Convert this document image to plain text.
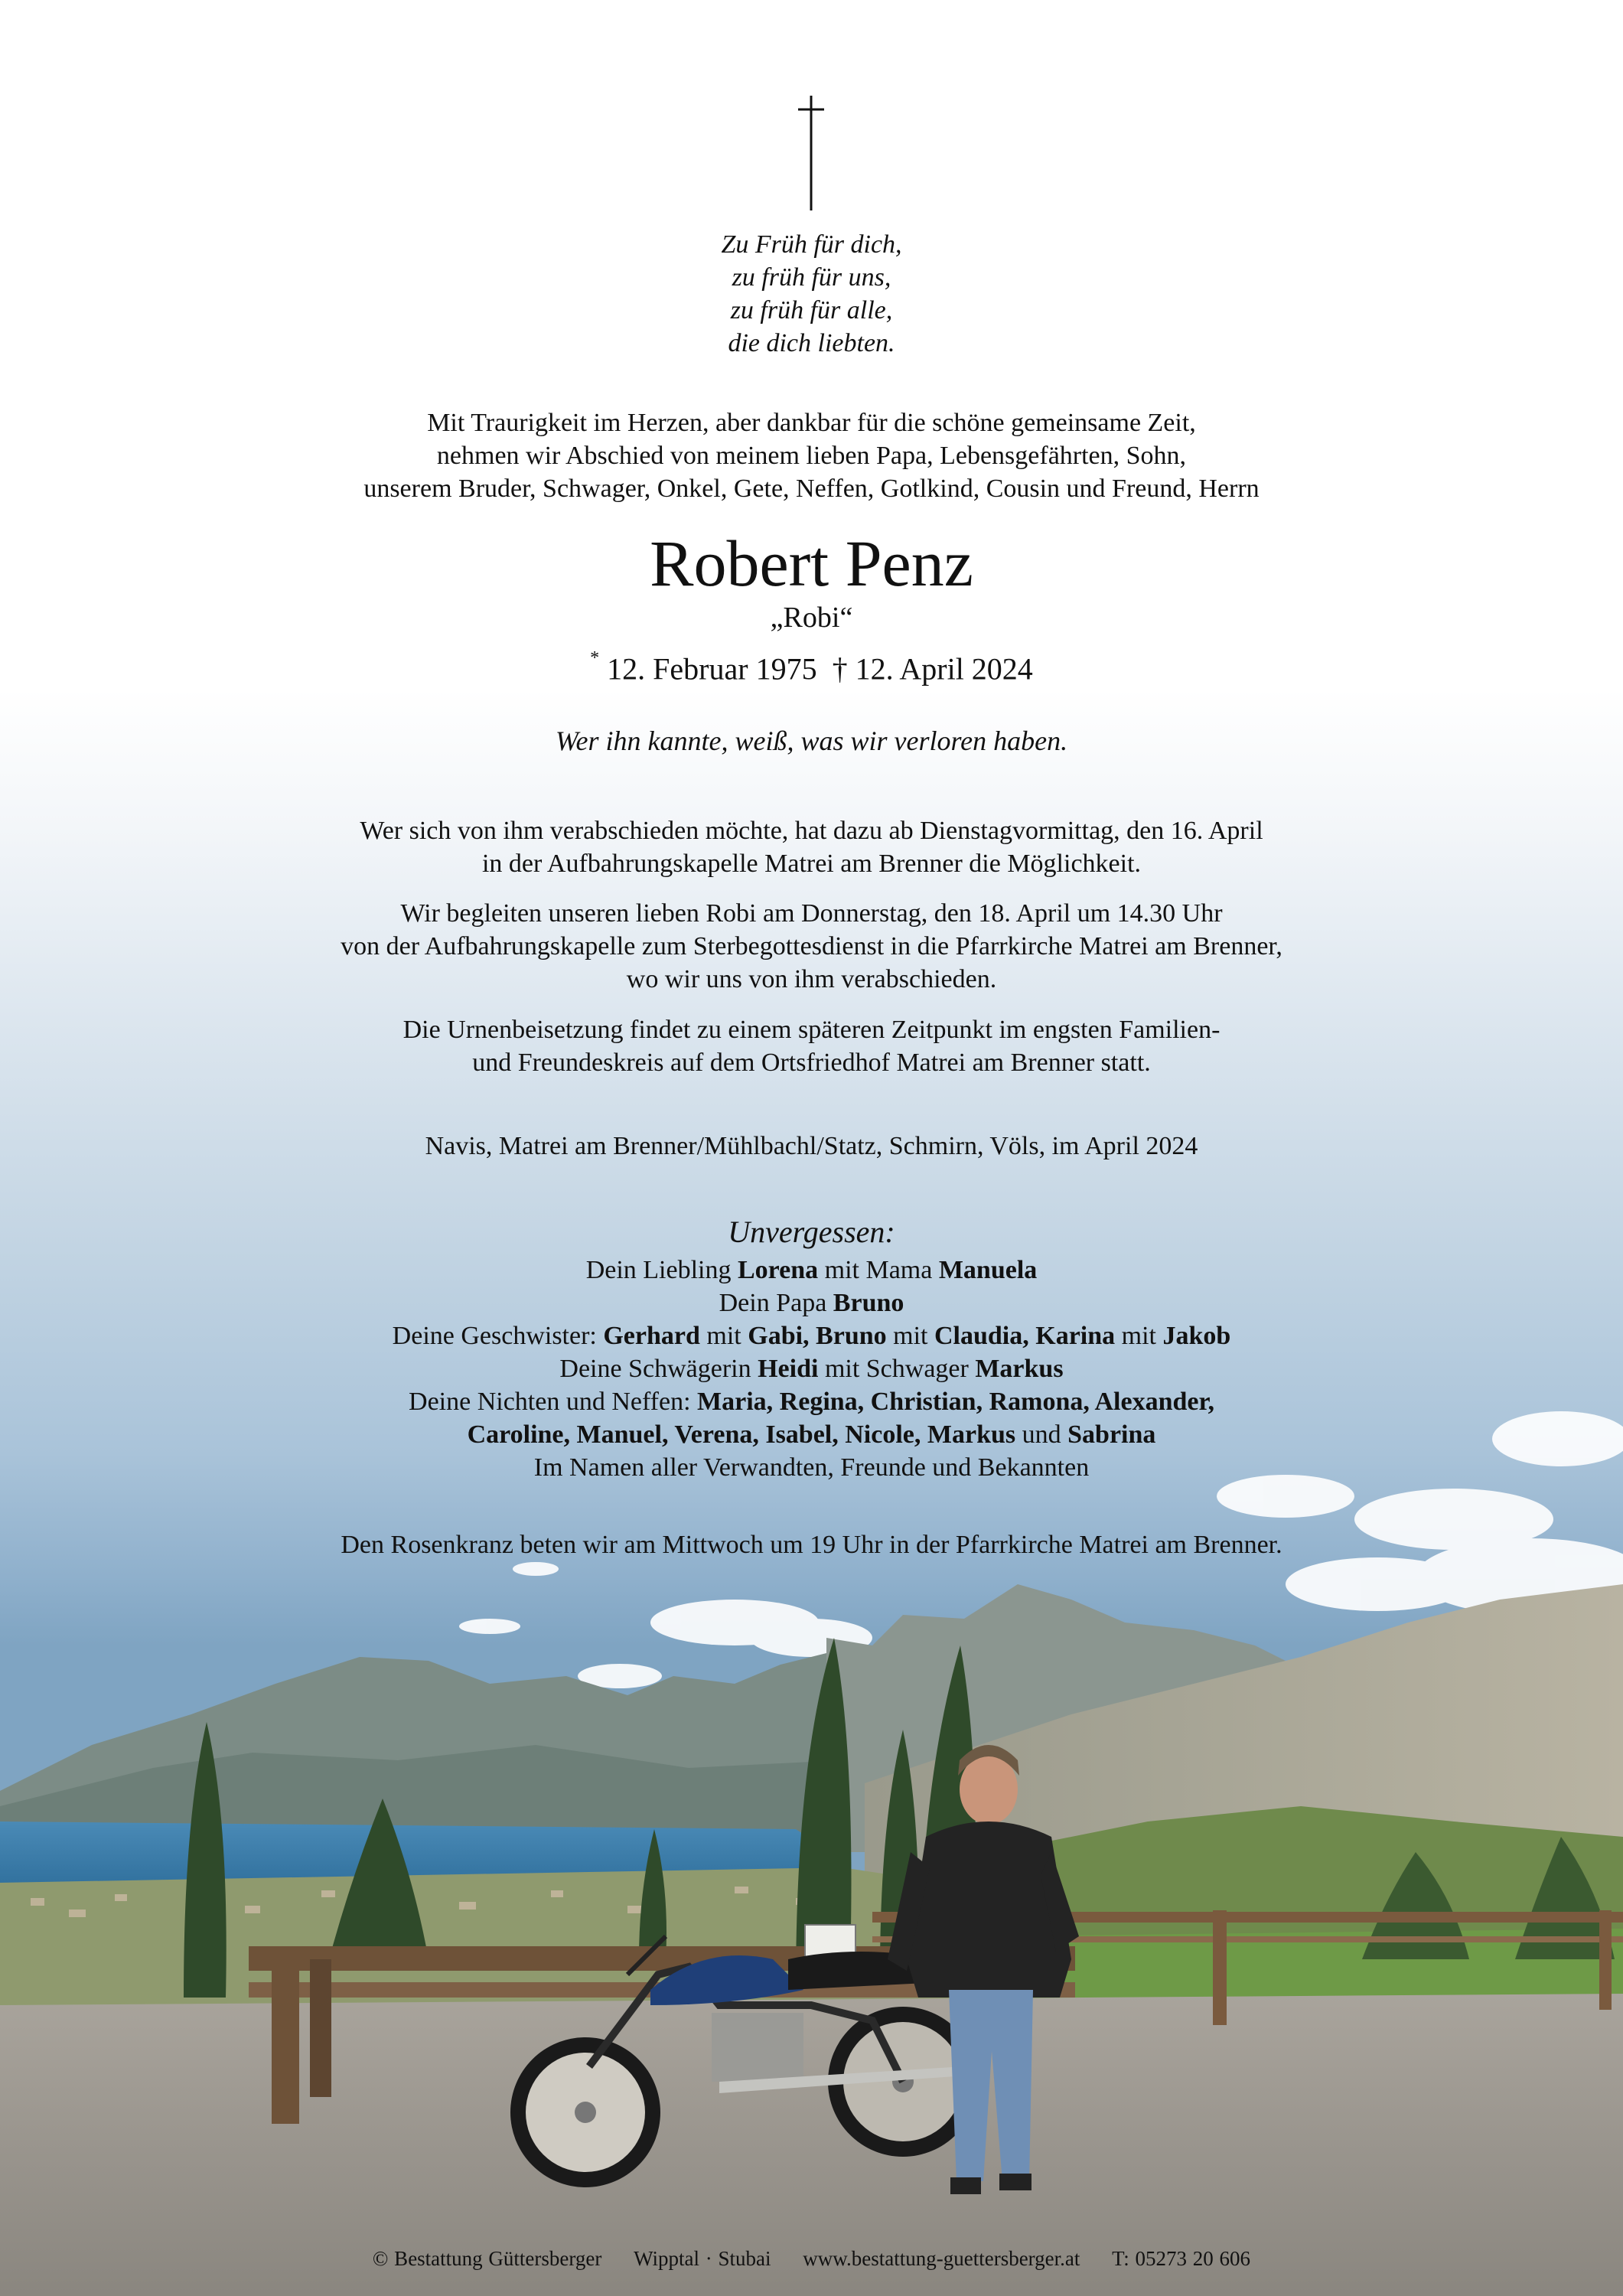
Zu Früh für dich,
zu früh für uns,
zu früh für alle,
die dich liebten.
Mit Traurigkeit im Herzen, aber dankbar für die schöne gemeinsame Zeit,
nehmen wir Abschied von meinem lieben Papa, Lebensgefährten, Sohn,
unserem Bruder, Schwager, Onkel, Gete, Neffen, Gotlkind, Cousin und Freund, Herrn
Robert Penz
„Robi“
* 12. Februar 1975 † 12. April 2024
Wer ihn kannte, weiß, was wir verloren haben.
Wer sich von ihm verabschieden möchte, hat dazu ab Dienstagvormittag, den 16. April
in der Aufbahrungskapelle Matrei am Brenner die Möglichkeit.
Wir begleiten unseren lieben Robi am Donnerstag, den 18. April um 14.30 Uhr
von der Aufbahrungskapelle zum Sterbegottesdienst in die Pfarrkirche Matrei am Brenner,
wo wir uns von ihm verabschieden.
Die Urnenbeisetzung findet zu einem späteren Zeitpunkt im engsten Familien-
und Freundeskreis auf dem Ortsfriedhof Matrei am Brenner statt.
Navis, Matrei am Brenner/Mühlbachl/Statz, Schmirn, Völs, im April 2024
Unvergessen:
Dein Liebling Lorena mit Mama Manuela
Dein Papa Bruno
Deine Geschwister: Gerhard mit Gabi, Bruno mit Claudia, Karina mit Jakob
Deine Schwägerin Heidi mit Schwager Markus
Deine Nichten und Neffen: Maria, Regina, Christian, Ramona, Alexander,
Caroline, Manuel, Verena, Isabel, Nicole, Markus und Sabrina
Im Namen aller Verwandten, Freunde und Bekannten
Den Rosenkranz beten wir am Mittwoch um 19 Uhr in der Pfarrkirche Matrei am Brenner.
© Bestattung Güttersberger Wipptal · Stubai www.bestattung-guettersberger.at T: 05273 20 606
